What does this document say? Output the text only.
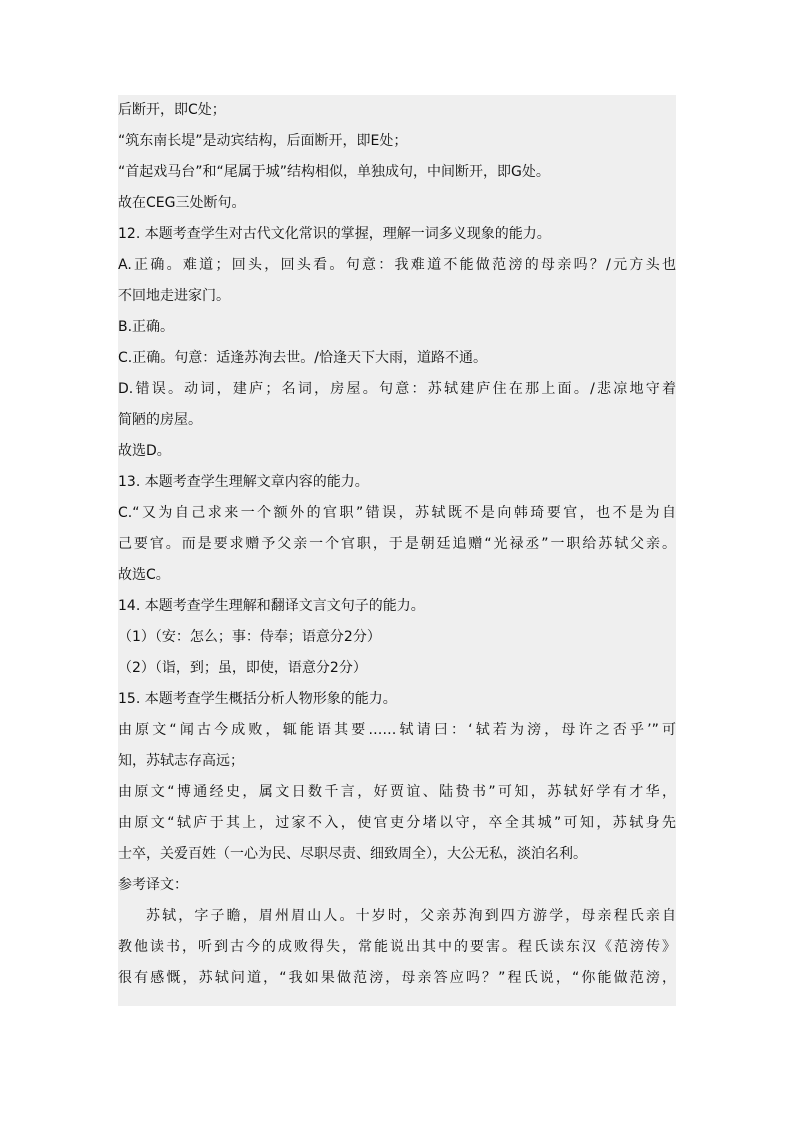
后断开，即C处；
“筑东南长堤”是动宾结构，后面断开，即E处；
“首起戏马台”和“尾属于城”结构相似，单独成句，中间断开，即G处。
故在CEG三处断句。
12. 本题考查学生对古代文化常识的掌握，理解一词多义现象的能力。
A.正确。难道；回头，回头看。句意：我难道不能做范滂的母亲吗？/元方头也
不回地走进家门。
B.正确。
C.正确。句意：适逢苏洵去世。/恰逢天下大雨，道路不通。
D.错误。动词，建庐；名词，房屋。句意：苏轼建庐住在那上面。/悲凉地守着
简陋的房屋。
故选D。
13. 本题考查学生理解文章内容的能力。
C.“又为自己求来一个额外的官职”错误，苏轼既不是向韩琦要官，也不是为自
己要官。而是要求赠予父亲一个官职，于是朝廷追赠“光禄丞”一职给苏轼父亲。
故选C。
14. 本题考查学生理解和翻译文言文句子的能力。
（1）（安：怎么；事：侍奉；语意分2分）
（2）（诣，到；虽，即使，语意分2分）
15. 本题考查学生概括分析人物形象的能力。
由原文“闻古今成败，辄能语其要……轼请曰：‘轼若为滂，母许之否乎’”可
知，苏轼志存高远；
由原文“博通经史，属文日数千言，好贾谊、陆贽书”可知，苏轼好学有才华，
由原文“轼庐于其上，过家不入，使官吏分堵以守，卒全其城”可知，苏轼身先
士卒，关爱百姓（一心为民、尽职尽责、细致周全），大公无私，淡泊名利。
参考译文：
苏轼，字子瞻，眉州眉山人。十岁时，父亲苏洵到四方游学，母亲程氏亲自
教他读书，听到古今的成败得失，常能说出其中的要害。程氏读东汉《范滂传》
很有感慨，苏轼问道，“我如果做范滂，母亲答应吗？”程氏说，“你能做范滂，
